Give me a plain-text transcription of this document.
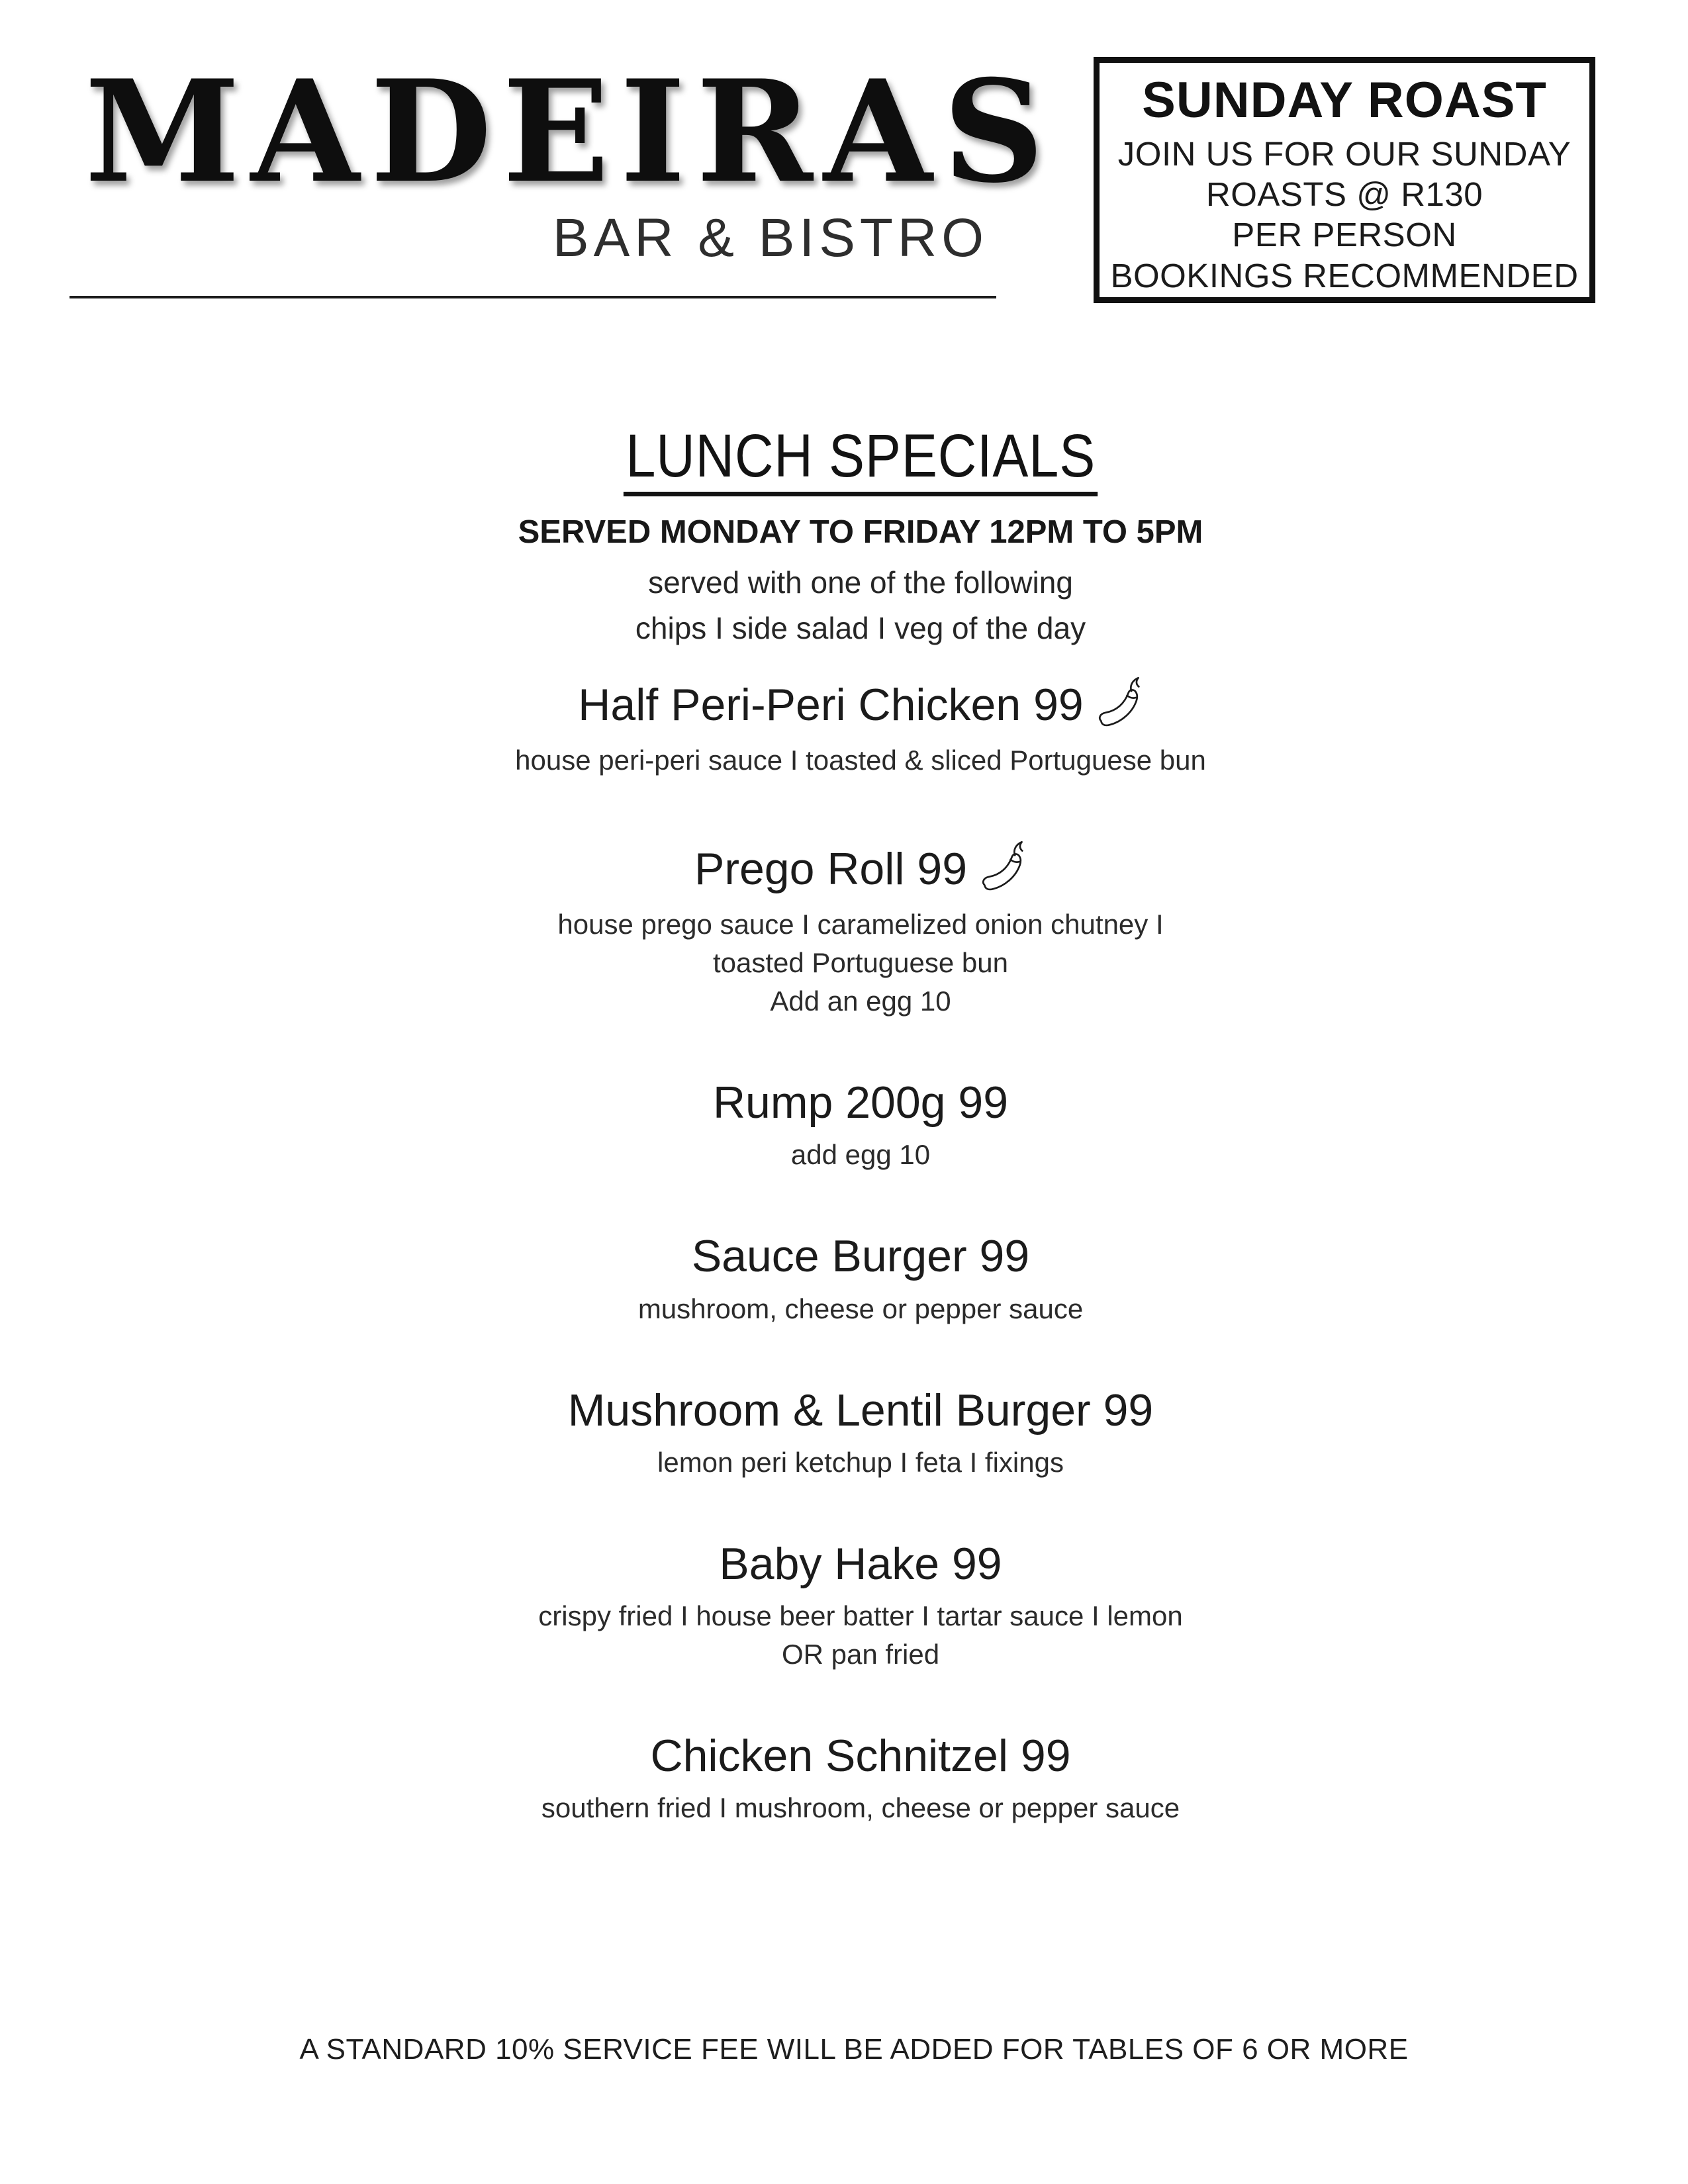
MADEIRAS
BAR & BISTRO
SUNDAY ROAST
JOIN US FOR OUR SUNDAY
ROASTS @ R130
PER PERSON
BOOKINGS RECOMMENDED
LUNCH SPECIALS
SERVED MONDAY TO FRIDAY 12PM TO 5PM
served with one of the following
chips I side salad I veg of the day
Half Peri-Peri Chicken 99
house peri-peri sauce I toasted & sliced Portuguese bun
Prego Roll 99
house prego sauce I caramelized onion chutney I
toasted Portuguese bun
Add an egg 10
Rump 200g 99
add egg 10
Sauce Burger 99
mushroom, cheese or pepper sauce
Mushroom & Lentil Burger 99
lemon peri ketchup I feta I fixings
Baby Hake 99
crispy fried I house beer batter I tartar sauce I lemon
OR pan fried
Chicken Schnitzel 99
southern fried I mushroom, cheese or pepper sauce
A STANDARD 10% SERVICE FEE WILL BE ADDED FOR TABLES OF 6 OR MORE
